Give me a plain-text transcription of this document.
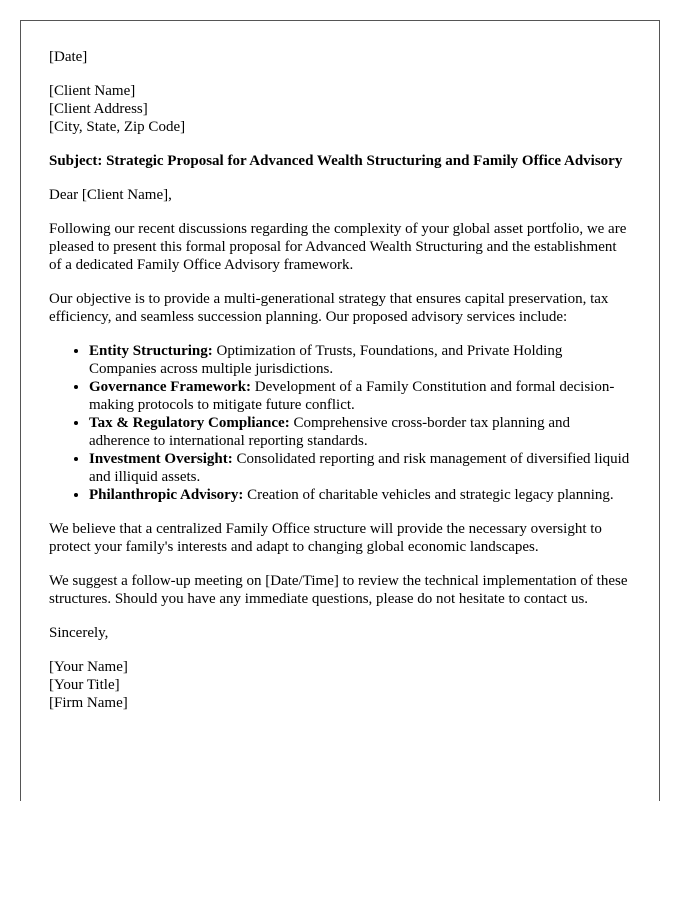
[Date]

[Client Name]
[Client Address]
[City, State, Zip Code]

Subject: Strategic Proposal for Advanced Wealth Structuring and Family Office Advisory

Dear [Client Name],

Following our recent discussions regarding the complexity of your global asset portfolio, we are pleased to present this formal proposal for Advanced Wealth Structuring and the establishment of a dedicated Family Office Advisory framework.

Our objective is to provide a multi-generational strategy that ensures capital preservation, tax efficiency, and seamless succession planning. Our proposed advisory services include:

• Entity Structuring: Optimization of Trusts, Foundations, and Private Holding Companies across multiple jurisdictions.
• Governance Framework: Development of a Family Constitution and formal decision-making protocols to mitigate future conflict.
• Tax & Regulatory Compliance: Comprehensive cross-border tax planning and adherence to international reporting standards.
• Investment Oversight: Consolidated reporting and risk management of diversified liquid and illiquid assets.
• Philanthropic Advisory: Creation of charitable vehicles and strategic legacy planning.

We believe that a centralized Family Office structure will provide the necessary oversight to protect your family's interests and adapt to changing global economic landscapes.

We suggest a follow-up meeting on [Date/Time] to review the technical implementation of these structures. Should you have any immediate questions, please do not hesitate to contact us.

Sincerely,

[Your Name]
[Your Title]
[Firm Name]
